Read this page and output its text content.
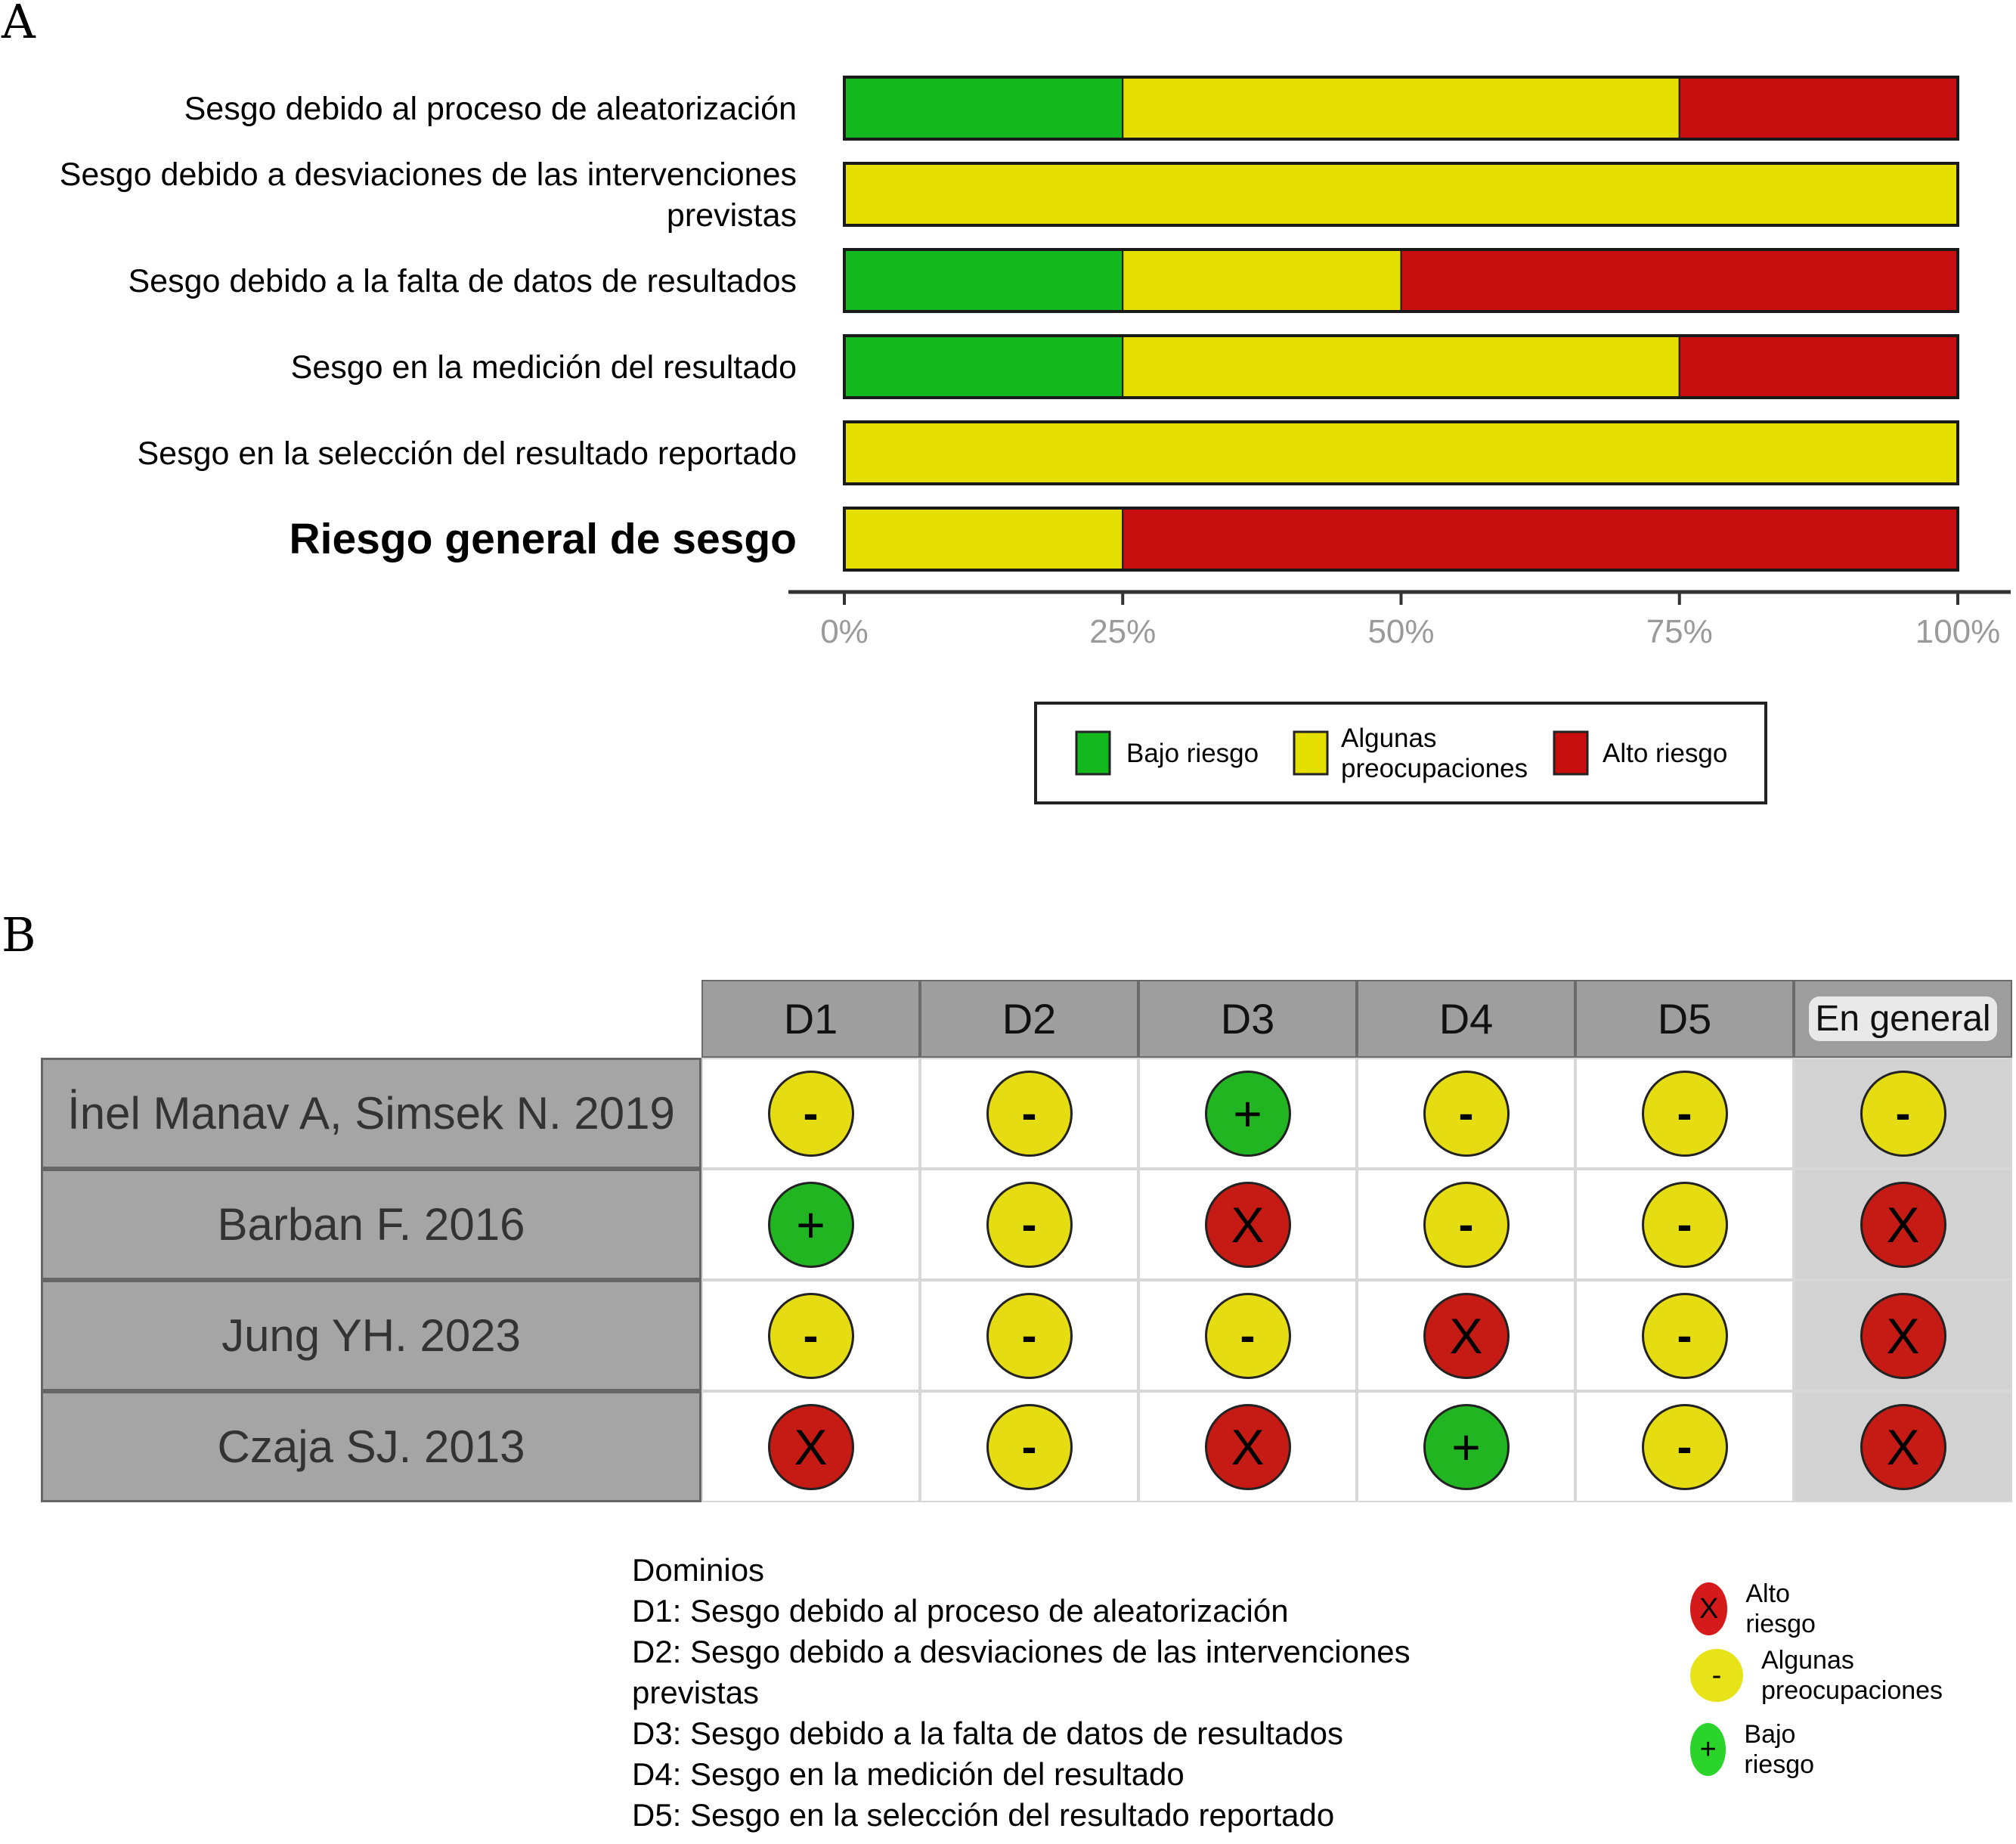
A
B
Sesgo debido al proceso de aleatorización
Sesgo debido a desviaciones de las intervenciones
previstas
Sesgo debido a la falta de datos de resultados
Sesgo en la medición del resultado
Sesgo en la selección del resultado reportado
Riesgo general de sesgo
0%	25%	50%	75%	100%
Bajo riesgo
Algunas
preocupaciones
Alto riesgo
D1	D2	D3	D4	D5	En general
İnel Manav A, Simsek N. 2019	-	-	+	-	-	-
Barban F. 2016	+	-	X	-	-	X
Jung YH. 2023	-	-	-	X	-	X
Czaja SJ. 2013	X	-	X	+	-	X
Dominios
D1: Sesgo debido al proceso de aleatorización
D2: Sesgo debido a desviaciones de las intervenciones
previstas
D3: Sesgo debido a la falta de datos de resultados
D4: Sesgo en la medición del resultado
D5: Sesgo en la selección del resultado reportado
X	Alto riesgo
-	Algunas
preocupaciones
+	Bajo riesgo
